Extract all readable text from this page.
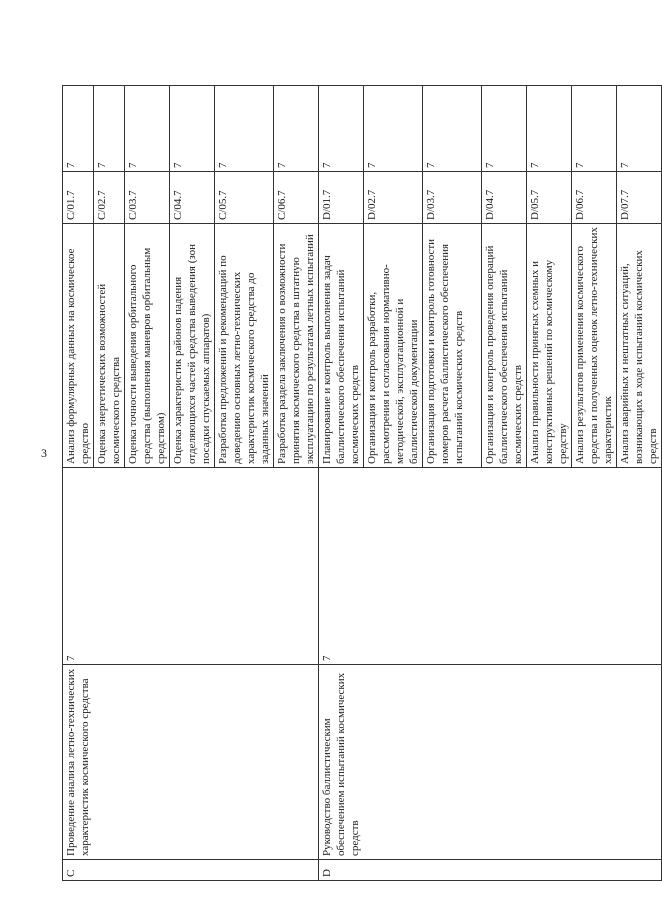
3
C	Проведение анализа летно-технических характеристик космического средства	7	Анализ формулярных данных на космическое средство	C/01.7	7
			Оценка энергетических возможностей космического средства	C/02.7	7
			Оценка точности выведения орбитального средства (выполнения маневров орбитальным средством)	C/03.7	7
			Оценка характеристик районов падения отделяющихся частей средства выведения (зон посадки спускаемых аппаратов)	C/04.7	7
			Разработка предложений и рекомендаций по доведению основных летно-технических характеристик космического средства до заданных значений	C/05.7	7
			Разработка раздела заключения о возможности принятия космического средства в штатную эксплуатацию по результатам летных испытаний	C/06.7	7
D	Руководство баллистическим обеспечением испытаний космических средств	7	Планирование и контроль выполнения задач баллистического обеспечения испытаний космических средств	D/01.7	7
			Организация и контроль разработки, рассмотрения и согласования нормативно-методической, эксплуатационной и баллистической документации	D/02.7	7
			Организация подготовки и контроль готовности номеров расчета баллистического обеспечения испытаний космических средств	D/03.7	7
			Организация и контроль проведения операций баллистического обеспечения испытаний космических средств	D/04.7	7
			Анализ правильности принятых схемных и конструктивных решений по космическому средству	D/05.7	7
			Анализ результатов применения космического средства и полученных оценок летно-технических характеристик	D/06.7	7
			Анализ аварийных и нештатных ситуаций, возникающих в ходе испытаний космических средств	D/07.7	7
